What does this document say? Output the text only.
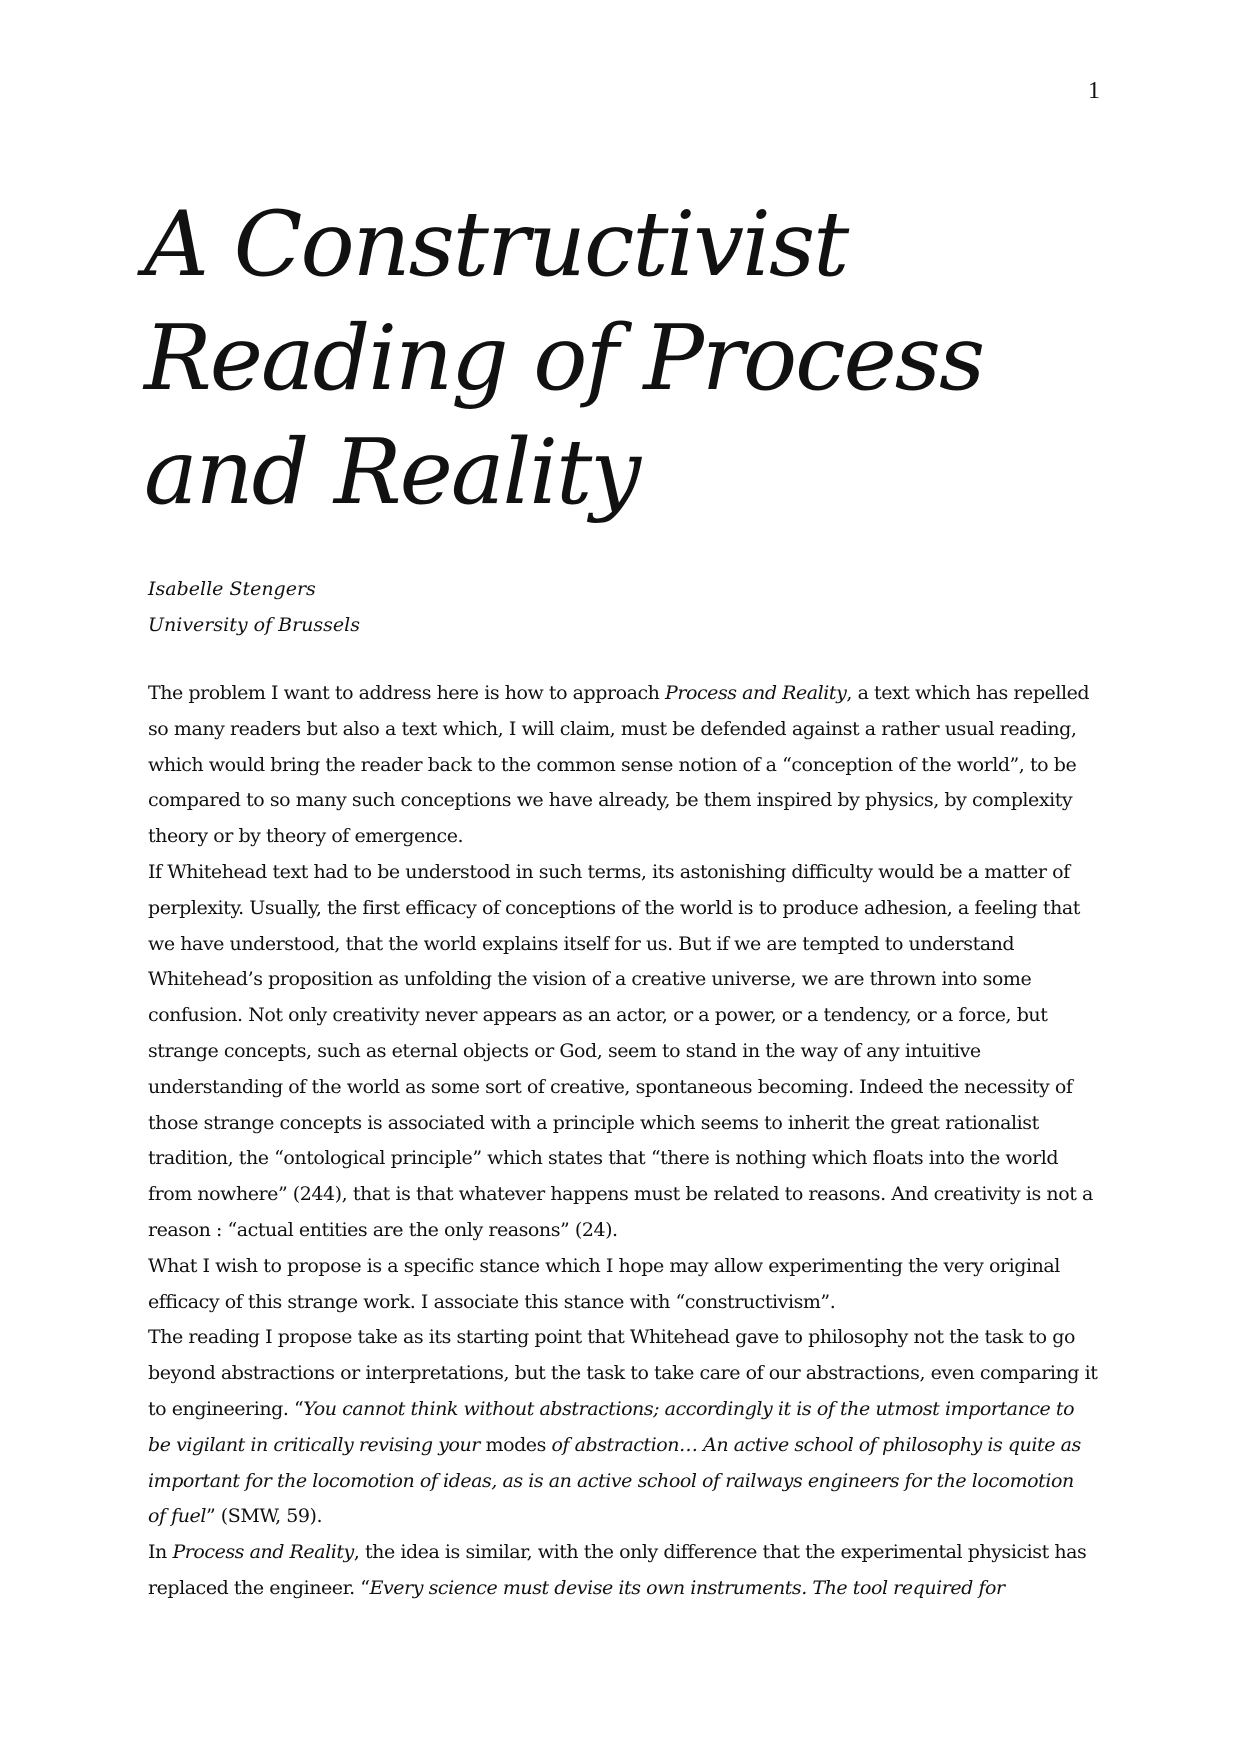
1
A Constructivist
Reading of Process
and Reality
Isabelle Stengers
University of Brussels
The problem I want to address here is how to approach Process and Reality, a text which has repelled
so many readers but also a text which, I will claim, must be defended against a rather usual reading,
which would bring the reader back to the common sense notion of a “conception of the world”, to be
compared to so many such conceptions we have already, be them inspired by physics, by complexity
theory or by theory of emergence.
If Whitehead text had to be understood in such terms, its astonishing difficulty would be a matter of
perplexity. Usually, the first efficacy of conceptions of the world is to produce adhesion, a feeling that
we have understood, that the world explains itself for us. But if we are tempted to understand
Whitehead’s proposition as unfolding the vision of a creative universe, we are thrown into some
confusion. Not only creativity never appears as an actor, or a power, or a tendency, or a force, but
strange concepts, such as eternal objects or God, seem to stand in the way of any intuitive
understanding of the world as some sort of creative, spontaneous becoming. Indeed the necessity of
those strange concepts is associated with a principle which seems to inherit the great rationalist
tradition, the “ontological principle” which states that “there is nothing which floats into the world
from nowhere” (244), that is that whatever happens must be related to reasons. And creativity is not a
reason : “actual entities are the only reasons” (24).
What I wish to propose is a specific stance which I hope may allow experimenting the very original
efficacy of this strange work. I associate this stance with “constructivism”.
The reading I propose take as its starting point that Whitehead gave to philosophy not the task to go
beyond abstractions or interpretations, but the task to take care of our abstractions, even comparing it
to engineering. “You cannot think without abstractions; accordingly it is of the utmost importance to
be vigilant in critically revising your modes of abstraction… An active school of philosophy is quite as
important for the locomotion of ideas, as is an active school of railways engineers for the locomotion
of fuel” (SMW, 59).
In Process and Reality, the idea is similar, with the only difference that the experimental physicist has
replaced the engineer. “Every science must devise its own instruments. The tool required for
